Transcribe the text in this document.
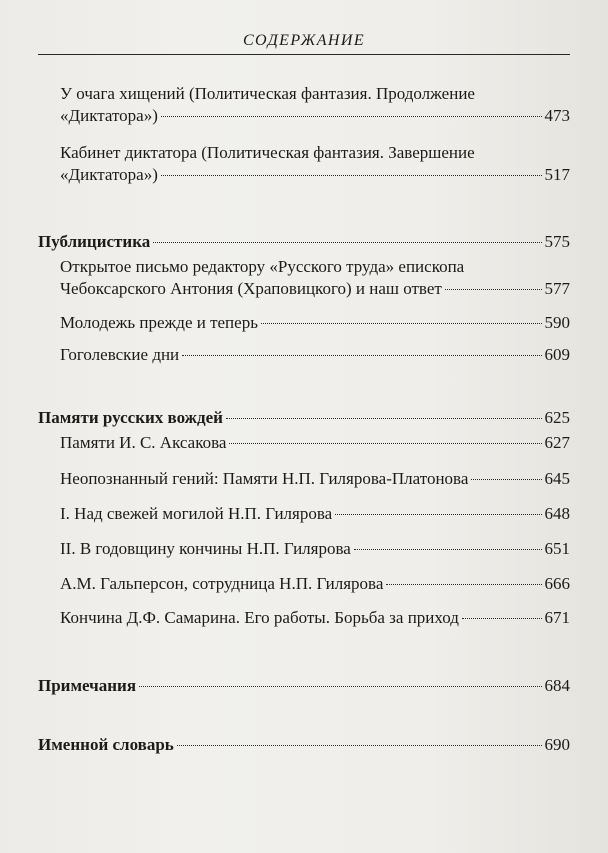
СОДЕРЖАНИЕ
У очага хищений (Политическая фантазия. Продолжение
«Диктатора»)	473
Кабинет диктатора (Политическая фантазия. Завершение
«Диктатора»)	517
Публицистика	575
Открытое письмо редактору «Русского труда» епископа
Чебоксарского Антония (Храповицкого) и наш ответ	577
Молодежь прежде и теперь	590
Гоголевские дни	609
Памяти русских вождей	625
Памяти И. С. Аксакова	627
Неопознанный гений: Памяти Н.П. Гилярова-Платонова	645
I. Над свежей могилой Н.П. Гилярова	648
II. В годовщину кончины Н.П. Гилярова	651
А.М. Гальперсон, сотрудница Н.П. Гилярова	666
Кончина Д.Ф. Самарина. Его работы. Борьба за приход	671
Примечания	684
Именной словарь	690
